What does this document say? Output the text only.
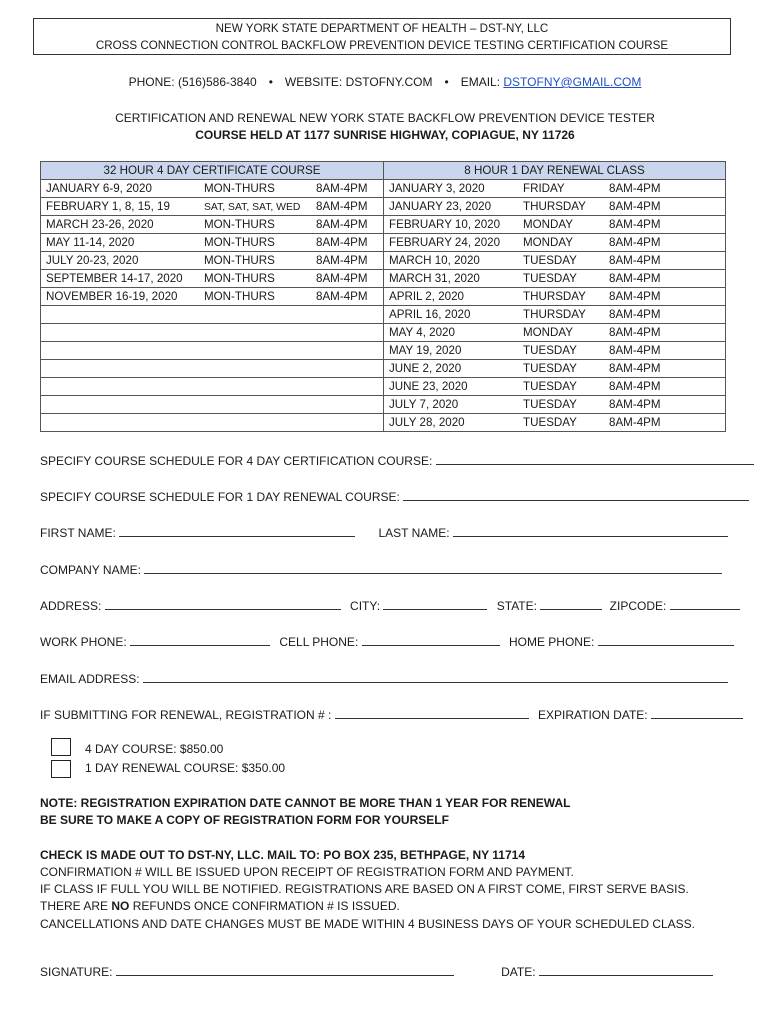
NEW YORK STATE DEPARTMENT OF HEALTH – DST-NY, LLC
CROSS CONNECTION CONTROL BACKFLOW PREVENTION DEVICE TESTING CERTIFICATION COURSE
PHONE: (516)586-3840 • WEBSITE: DSTOFNY.COM • EMAIL: DSTOFNY@GMAIL.COM
CERTIFICATION AND RENEWAL NEW YORK STATE BACKFLOW PREVENTION DEVICE TESTER
COURSE HELD AT 1177 SUNRISE HIGHWAY, COPIAGUE, NY 11726
32 HOUR 4 DAY CERTIFICATE COURSE	8 HOUR 1 DAY RENEWAL CLASS
JANUARY 6-9, 2020 MON-THURS 8AM-4PM	JANUARY 3, 2020 FRIDAY 8AM-4PM
FEBRUARY 1, 8, 15, 19 SAT, SAT, SAT, WED 8AM-4PM	JANUARY 23, 2020 THURSDAY 8AM-4PM
MARCH 23-26, 2020 MON-THURS 8AM-4PM	FEBRUARY 10, 2020 MONDAY 8AM-4PM
MAY 11-14, 2020 MON-THURS 8AM-4PM	FEBRUARY 24, 2020 MONDAY 8AM-4PM
JULY 20-23, 2020 MON-THURS 8AM-4PM	MARCH 10, 2020 TUESDAY 8AM-4PM
SEPTEMBER 14-17, 2020 MON-THURS 8AM-4PM	MARCH 31, 2020 TUESDAY 8AM-4PM
NOVEMBER 16-19, 2020 MON-THURS 8AM-4PM	APRIL 2, 2020 THURSDAY 8AM-4PM
	APRIL 16, 2020 THURSDAY 8AM-4PM
	MAY 4, 2020 MONDAY 8AM-4PM
	MAY 19, 2020 TUESDAY 8AM-4PM
	JUNE 2, 2020 TUESDAY 8AM-4PM
	JUNE 23, 2020 TUESDAY 8AM-4PM
	JULY 7, 2020 TUESDAY 8AM-4PM
	JULY 28, 2020 TUESDAY 8AM-4PM
SPECIFY COURSE SCHEDULE FOR 4 DAY CERTIFICATION COURSE:
SPECIFY COURSE SCHEDULE FOR 1 DAY RENEWAL COURSE:
FIRST NAME:	LAST NAME:
COMPANY NAME:
ADDRESS:	CITY:	STATE:	ZIPCODE:
WORK PHONE:	CELL PHONE:	HOME PHONE:
EMAIL ADDRESS:
IF SUBMITTING FOR RENEWAL, REGISTRATION # :	EXPIRATION DATE:
4 DAY COURSE: $850.00
1 DAY RENEWAL COURSE: $350.00
NOTE: REGISTRATION EXPIRATION DATE CANNOT BE MORE THAN 1 YEAR FOR RENEWAL
BE SURE TO MAKE A COPY OF REGISTRATION FORM FOR YOURSELF
CHECK IS MADE OUT TO DST-NY, LLC. MAIL TO: PO BOX 235, BETHPAGE, NY 11714
CONFIRMATION # WILL BE ISSUED UPON RECEIPT OF REGISTRATION FORM AND PAYMENT.
IF CLASS IF FULL YOU WILL BE NOTIFIED. REGISTRATIONS ARE BASED ON A FIRST COME, FIRST SERVE BASIS.
THERE ARE NO REFUNDS ONCE CONFIRMATION # IS ISSUED.
CANCELLATIONS AND DATE CHANGES MUST BE MADE WITHIN 4 BUSINESS DAYS OF YOUR SCHEDULED CLASS.
SIGNATURE:	DATE:
